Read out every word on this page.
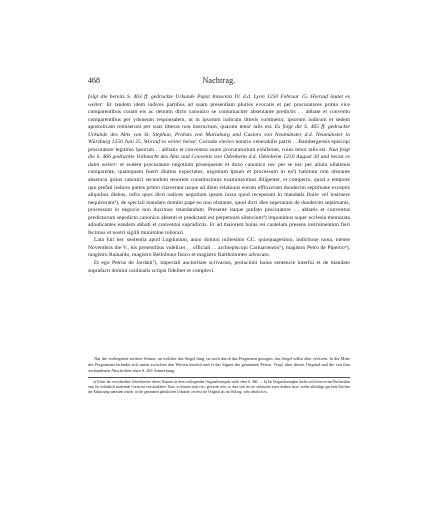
468	Nachtrag.

folgt die bereits S. 463 ff. gedruckte Urkunde Papst Innocenz IV. d.d. Lyon 1250 Februar 15. Hierauf lautet es weiter: Et tandem idem iudices partibus ad suam presentiam pluries evocatis et per procuratores prima vice comparentibus coram eis ac demum dicto canonico se contumaciter absentante predictis . . abbate et conventu comparentibus per ydoneum responsalem, ut in ipsorum iudicum litteris continetur, ipsorum iudicum et sedem apostolicam remiserunt per suas litteras non instructum, quarum tenor talis est. Es folgt die S. 465 ff. gedruckte Urkunde des Abts von St. Stephan, Probsts von Mariaburg und Custors von Neumünster d.d. Neumünster in Würzburg 1250 Juni 25. Worauf es weiter heisst: Corrado clerico notario venerabilis patris . . Bambergensis episcopi procuratore legitimo ipsorum . . abbatis et conventus suum procuratorium exhibente, cuius tenor talis est. Nun folgt die S. 466 gedruckte Vollmacht des Abts und Convents von Odenheim d.d. Odenheim 1250 August 30 und heisst es dann weiter: et eodem procuratore negotium prosequente et dicto canonico nec per se nec per alium ullatenus comparente, quamquam fuerit diutius expectatus, negotium ipsum et processum in ea²) habitum non obstante absencia ipsius canonici secundum tenorem constitucionis examinavimus diligenter, et comperto, quod a tempore quo prefati iudices partes primo citaverant usque ad diem relationis eorum effluxerant duodecim septimane exceptis aliquibus diebus, infra quos dicti iudices negotium ipsum iuxta quod receperant in mandatis finire vel instruere nequiverant³), de speciali mandato domini pape eo non obstante, quod dicti dies superarant de duodecim septimanis, processum in negocio non duximus retardandum. Presente itaque prefato procuratore . . abbatis et conventus predictorum sepedicto canonico absenti et predictum est perpetuum silencium⁴) imponimus super ecclesia memorata adiudicantes eandem abbati et conventui supradictis. Et ad maiorem huius rei cautelam presens instrumentum fieri fecimus et nostri sigilli munimine roborari.

Lata fuit hec sententia apud Lugdunum, anno domini millesimo CC. quinquagesimo, indictione nona, mense Novembris die V., his presentibus videlicet . . officiali . . archiepiscopi Cartuariensis⁵), magistro Petro de Piperno⁶), magistro Rainaldo, magistro Bellobono fisico et magistro Bartholomeo advocato.

Et ego Petrus de Jordani⁷), imperiali auctoritate scrivarius, prolacioni huius sentencie interfui et de mandato suprafacti domini cardinalis scripsi fideliter et complevi.

Nur die vorliegende seidene Schnur, an welcher das Siegel hing, ist noch durch das Pergament gezogen, das Siegel selbst aber verloren. In der Mitte des Pergaments befindet sich unten zwischen den Worten interfui und et das Signet des genannten Petrus. Vergl. über dieses Original und die von ihm vorhandenen Abschriften oben S. 465 Anmerkung.

a) Ueber die verschiedene Schreibweise dieses Namens in dem vorliegenden Originalexemplar siehe oben S. 466. — b) Im Originalexemplar findet sich beim ersten Buchstaben eine für ordentlich modernde Correctur von dunklerer Tinte, es könnte auch ein r gewesen sein, so dass sich an ein verkürztes esses denken lasse, wobei allerdings gar kein Zeichen die Abkürzung andeuten würde; in der genannten päbstlichen Urkunde, erweist die Original als im Vollzug, steht deutlich ea.
